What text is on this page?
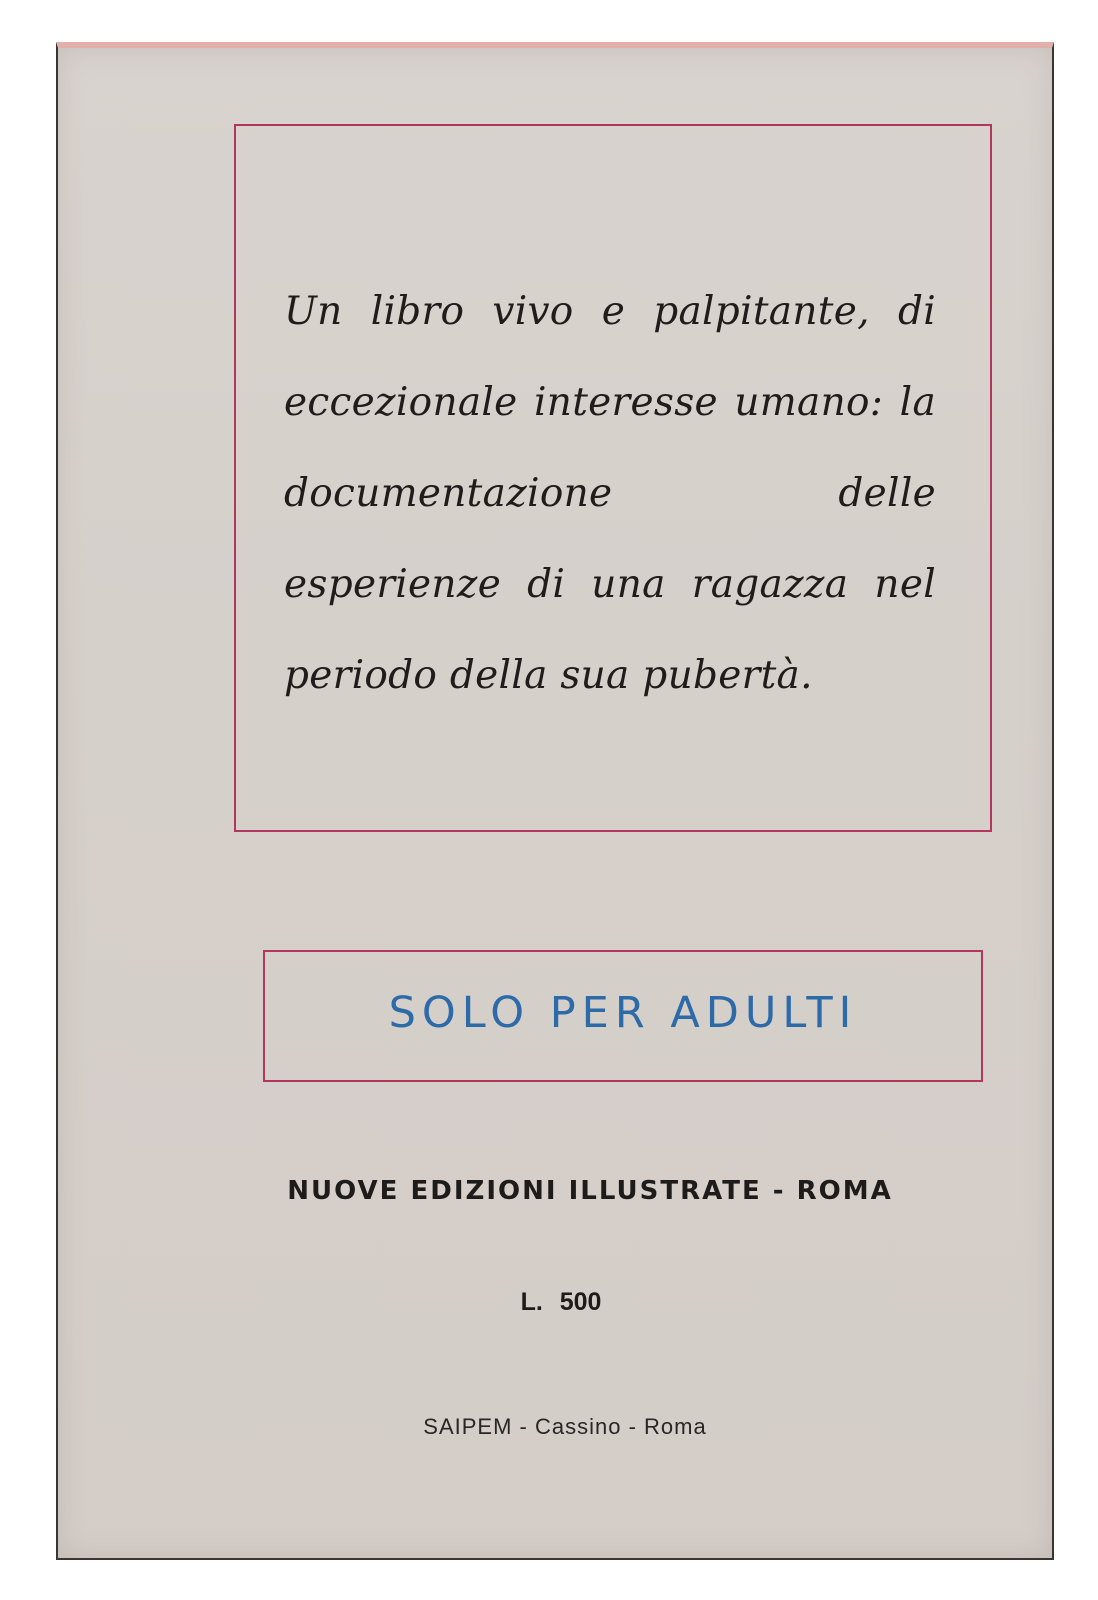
Un libro vivo e palpitante, di eccezionale interesse umano: la documentazione delle esperienze di una ragazza nel periodo della sua pubertà.

SOLO PER ADULTI

NUOVE EDIZIONI ILLUSTRATE - ROMA

L. 500

SAIPEM - Cassino - Roma
